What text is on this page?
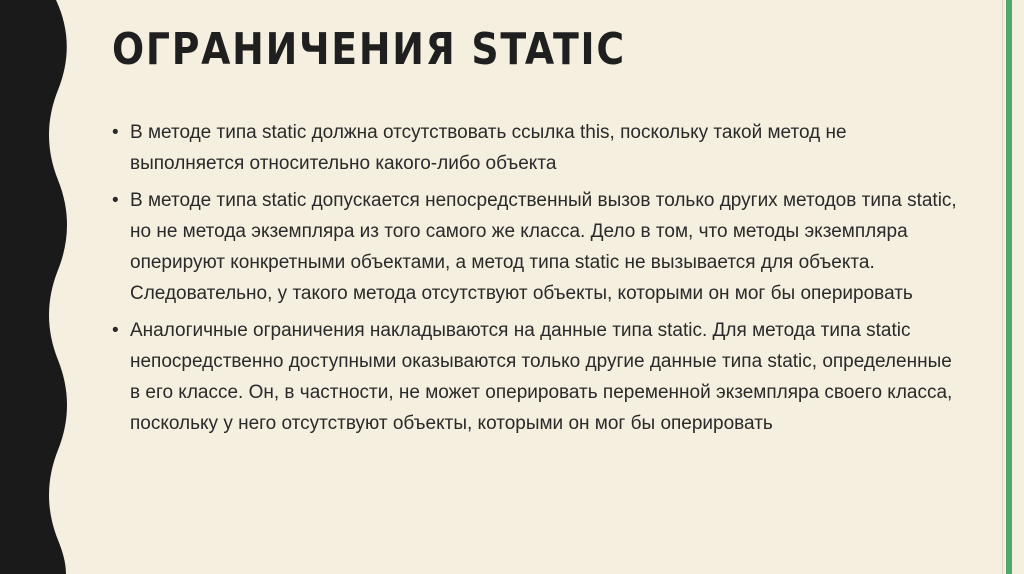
ОГРАНИЧЕНИЯ STATIC
• В методе типа static должна отсутствовать ссылка this, поскольку такой метод не выполняется относительно какого-либо объекта
• В методе типа static допускается непосредственный вызов только других методов типа static, но не метода экземпляра из того самого же класса. Дело в том, что методы экземпляра оперируют конкретными объектами, а метод типа static не вызывается для объекта. Следовательно, у такого метода отсутствуют объекты, которыми он мог бы оперировать
• Аналогичные ограничения накладываются на данные типа static. Для метода типа static непосредственно доступными оказываются только другие данные типа static, определенные в его классе. Он, в частности, не может оперировать переменной экземпляра своего класса, поскольку у него отсутствуют объекты, которыми он мог бы оперировать
